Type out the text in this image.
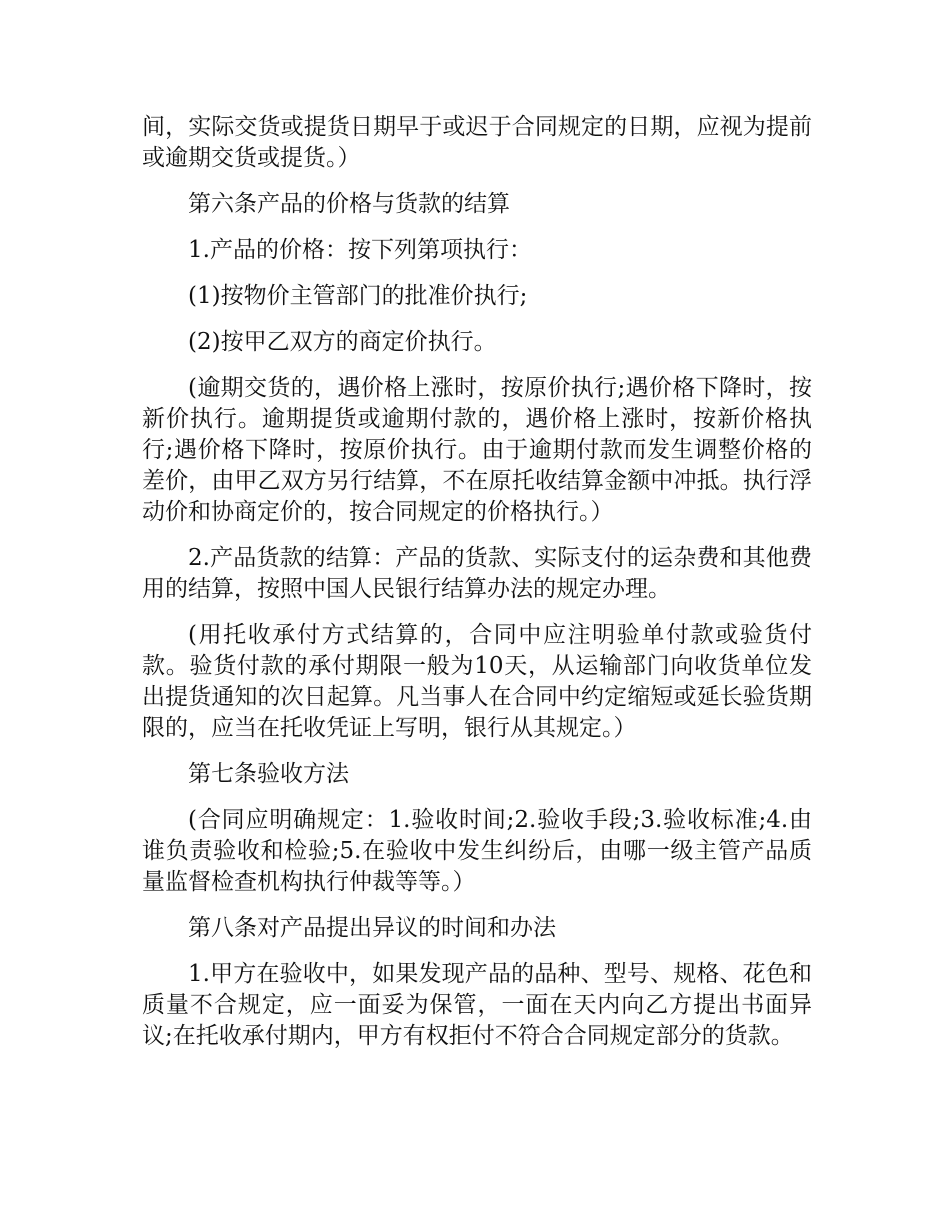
间，实际交货或提货日期早于或迟于合同规定的日期，应视为提前或逾期交货或提货。）

第六条产品的价格与货款的结算

1.产品的价格：按下列第项执行：

(1)按物价主管部门的批准价执行;

(2)按甲乙双方的商定价执行。

(逾期交货的，遇价格上涨时，按原价执行;遇价格下降时，按新价执行。逾期提货或逾期付款的，遇价格上涨时，按新价格执行;遇价格下降时，按原价执行。由于逾期付款而发生调整价格的差价，由甲乙双方另行结算，不在原托收结算金额中冲抵。执行浮动价和协商定价的，按合同规定的价格执行。）

2.产品货款的结算：产品的货款、实际支付的运杂费和其他费用的结算，按照中国人民银行结算办法的规定办理。

(用托收承付方式结算的，合同中应注明验单付款或验货付款。验货付款的承付期限一般为10天，从运输部门向收货单位发出提货通知的次日起算。凡当事人在合同中约定缩短或延长验货期限的，应当在托收凭证上写明，银行从其规定。）

第七条验收方法

(合同应明确规定：1.验收时间;2.验收手段;3.验收标准;4.由谁负责验收和检验;5.在验收中发生纠纷后，由哪一级主管产品质量监督检查机构执行仲裁等等。）

第八条对产品提出异议的时间和办法

1.甲方在验收中，如果发现产品的品种、型号、规格、花色和质量不合规定，应一面妥为保管，一面在天内向乙方提出书面异议;在托收承付期内，甲方有权拒付不符合合同规定部分的货款。
